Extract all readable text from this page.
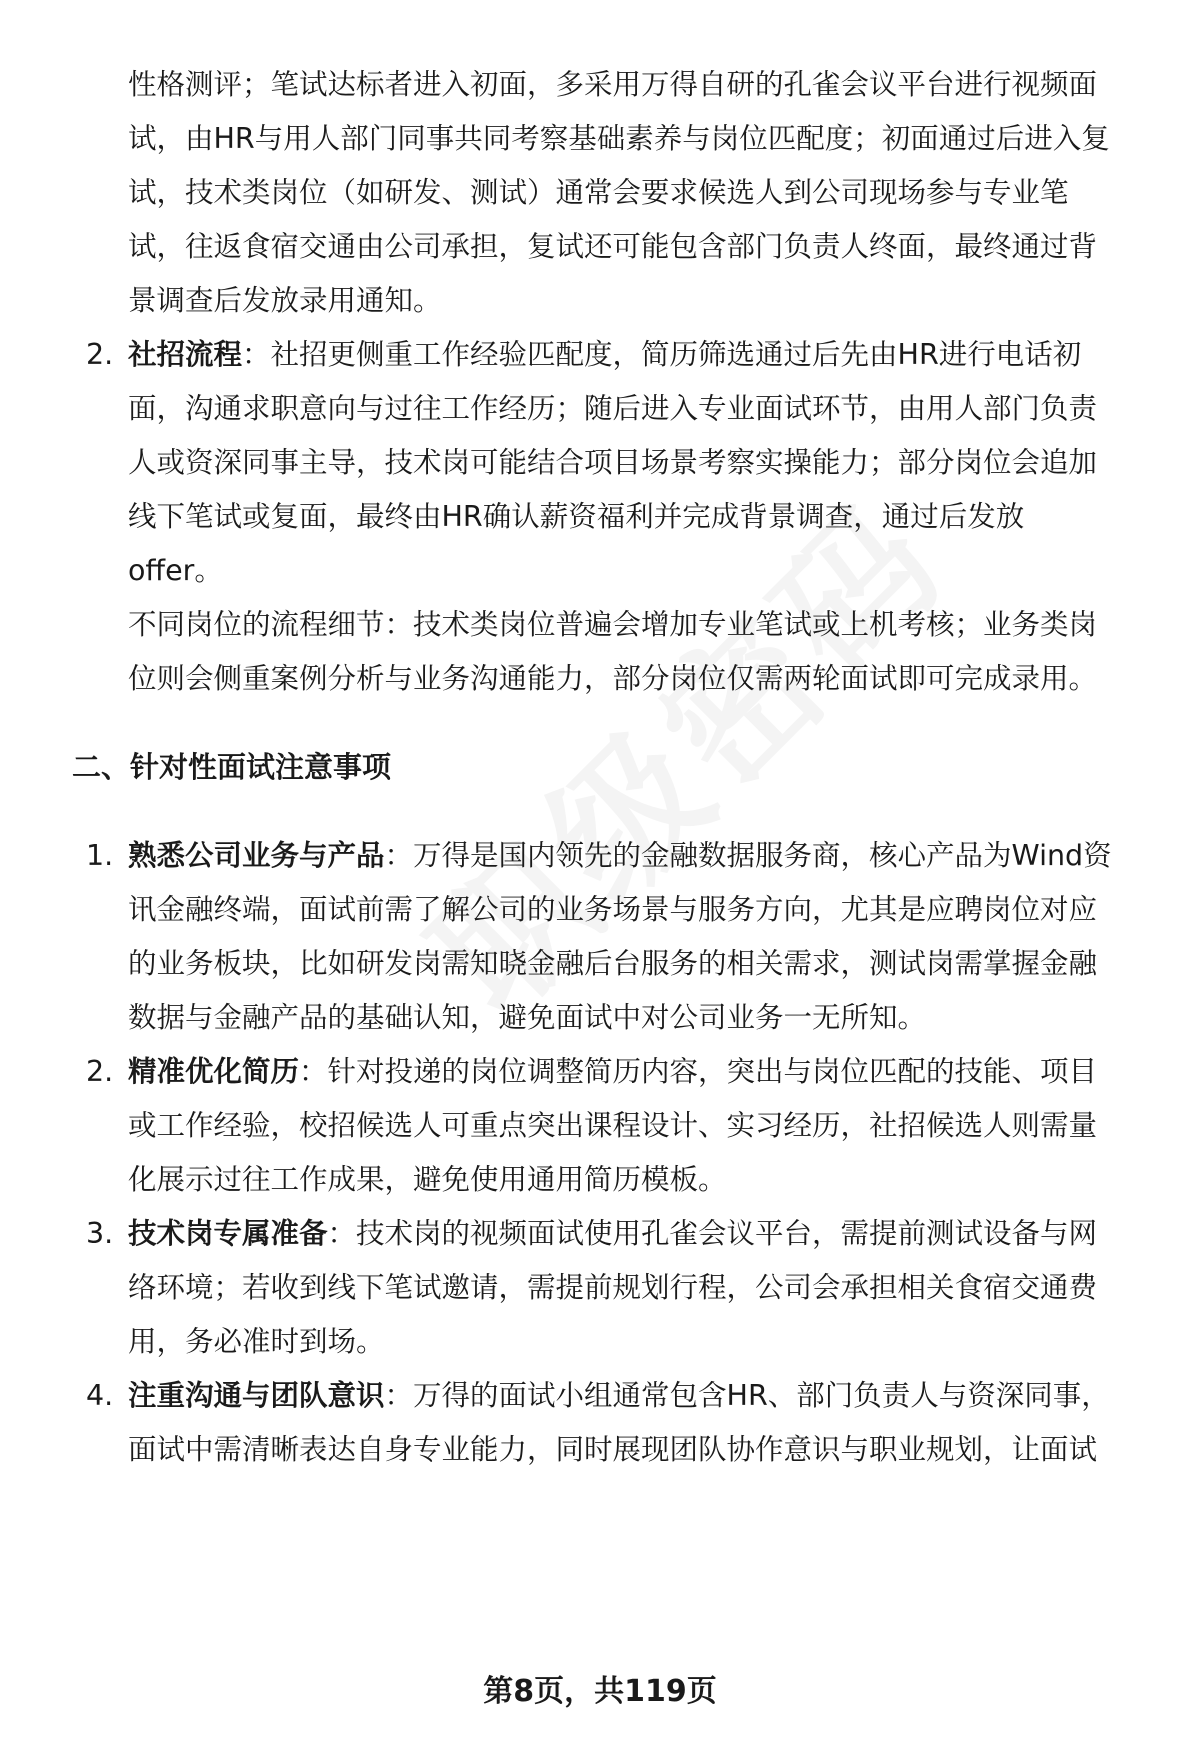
性格测评；笔试达标者进入初面，多采用万得自研的孔雀会议平台进行视频面
试，由HR与用人部门同事共同考察基础素养与岗位匹配度；初面通过后进入复
试，技术类岗位（如研发、测试）通常会要求候选人到公司现场参与专业笔
试，往返食宿交通由公司承担，复试还可能包含部门负责人终面，最终通过背
景调查后发放录用通知。
2. 社招流程：社招更侧重工作经验匹配度，简历筛选通过后先由HR进行电话初
面，沟通求职意向与过往工作经历；随后进入专业面试环节，由用人部门负责
人或资深同事主导，技术岗可能结合项目场景考察实操能力；部分岗位会追加
线下笔试或复面，最终由HR确认薪资福利并完成背景调查，通过后发放
offer。
不同岗位的流程细节：技术类岗位普遍会增加专业笔试或上机考核；业务类岗
位则会侧重案例分析与业务沟通能力，部分岗位仅需两轮面试即可完成录用。
二、针对性面试注意事项
1. 熟悉公司业务与产品：万得是国内领先的金融数据服务商，核心产品为Wind资
讯金融终端，面试前需了解公司的业务场景与服务方向，尤其是应聘岗位对应
的业务板块，比如研发岗需知晓金融后台服务的相关需求，测试岗需掌握金融
数据与金融产品的基础认知，避免面试中对公司业务一无所知。
2. 精准优化简历：针对投递的岗位调整简历内容，突出与岗位匹配的技能、项目
或工作经验，校招候选人可重点突出课程设计、实习经历，社招候选人则需量
化展示过往工作成果，避免使用通用简历模板。
3. 技术岗专属准备：技术岗的视频面试使用孔雀会议平台，需提前测试设备与网
络环境；若收到线下笔试邀请，需提前规划行程，公司会承担相关食宿交通费
用，务必准时到场。
4. 注重沟通与团队意识：万得的面试小组通常包含HR、部门负责人与资深同事，
面试中需清晰表达自身专业能力，同时展现团队协作意识与职业规划，让面试
第8页，共119页
